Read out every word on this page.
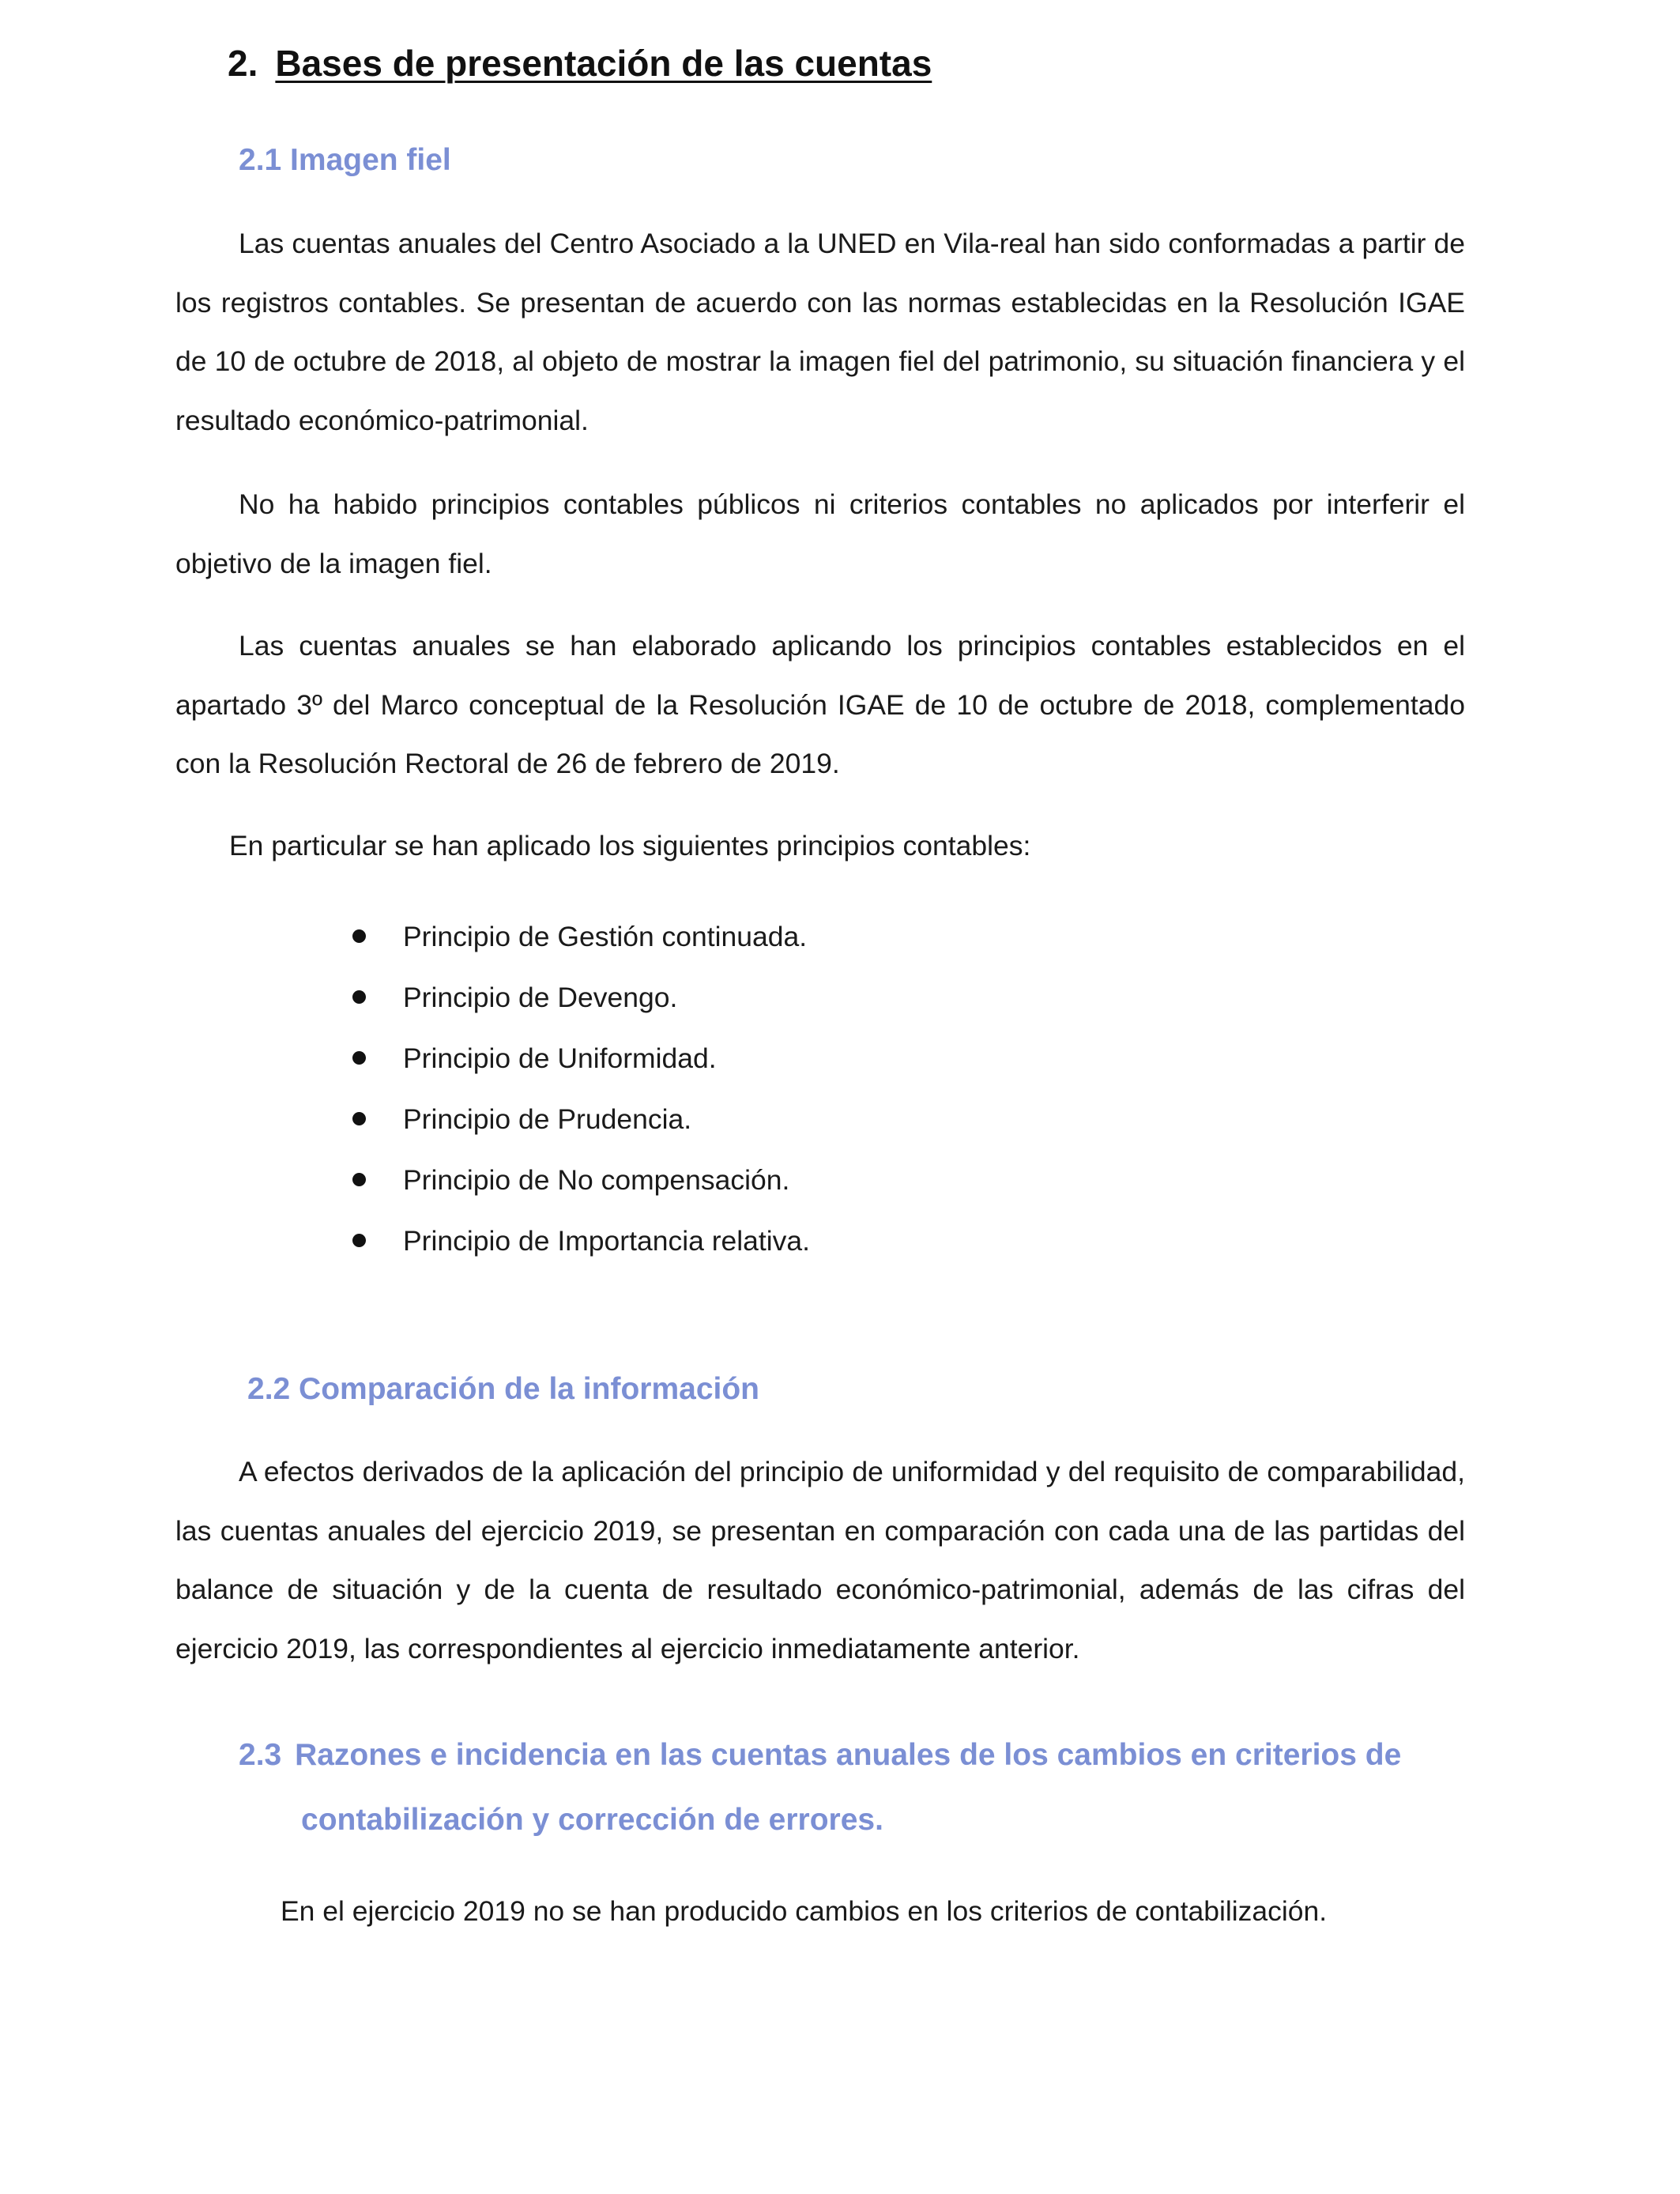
2. Bases de presentación de las cuentas
2.1 Imagen fiel
Las cuentas anuales del Centro Asociado a la UNED en Vila-real han sido conformadas a partir de los registros contables. Se presentan de acuerdo con las normas establecidas en la Resolución IGAE de 10 de octubre de 2018, al objeto de mostrar la imagen fiel del patrimonio, su situación financiera y el resultado económico-patrimonial.
No ha habido principios contables públicos ni criterios contables no aplicados por interferir el objetivo de la imagen fiel.
Las cuentas anuales se han elaborado aplicando los principios contables establecidos en el apartado 3º del Marco conceptual de la Resolución IGAE de 10 de octubre de 2018, complementado con la Resolución Rectoral de 26 de febrero de 2019.
En particular se han aplicado los siguientes principios contables:
Principio de Gestión continuada.
Principio de Devengo.
Principio de Uniformidad.
Principio de Prudencia.
Principio de No compensación.
Principio de Importancia relativa.
2.2 Comparación de la información
A efectos derivados de la aplicación del principio de uniformidad y del requisito de comparabilidad, las cuentas anuales del ejercicio 2019, se presentan en comparación con cada una de las partidas del balance de situación y de la cuenta de resultado económico-patrimonial, además de las cifras del ejercicio 2019, las correspondientes al ejercicio inmediatamente anterior.
2.3 Razones e incidencia en las cuentas anuales de los cambios en criterios de
contabilización y corrección de errores.
En el ejercicio 2019 no se han producido cambios en los criterios de contabilización.
